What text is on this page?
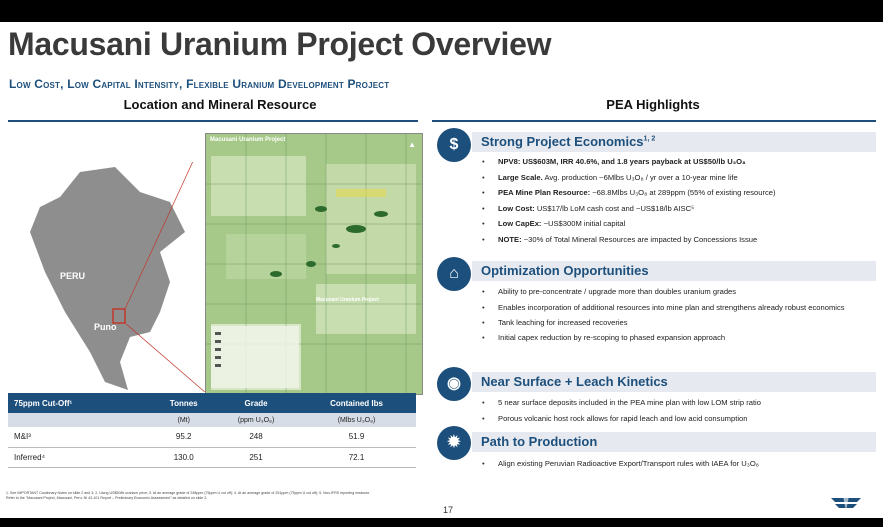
Macusani Uranium Project Overview
Low Cost, Low Capital Intensity, Flexible Uranium Development Project
Location and Mineral Resource	PEA Highlights
PERU
Puno
Macusani Uranium Project
Macusani Uranium Project
▲
75ppm Cut-Off¹	Tonnes	Grade	Contained lbs
	(Mt)	(ppm U₃O₈)	(Mlbs U₃O₈)
M&I³	95.2	248	51.9
Inferred⁴	130.0	251	72.1
$	Strong Project Economics$^{1, 2}$
• NPV8: US$603M, IRR 40.6%, and 1.8 years payback at US$50/lb U₃O₈
• Large Scale. Avg. production ~6Mlbs U₃O₈ / yr over a 10-year mine life
• PEA Mine Plan Resource: ~68.8Mlbs U₃O₈ at 289ppm (55% of existing resource)
• Low Cost: US$17/lb LoM cash cost and ~US$18/lb AISC⁵
• Low CapEx: ~US$300M initial capital
• NOTE: ~30% of Total Mineral Resources are impacted by Concessions Issue
⌂	Optimization Opportunities
• Ability to pre-concentrate / upgrade more than doubles uranium grades
• Enables incorporation of additional resources into mine plan and strengthens already robust economics
• Tank leaching for increased recoveries
• Initial capex reduction by re-scoping to phased expansion approach
◉	Near Surface + Leach Kinetics
• 5 near surface deposits included in the PEA mine plan with low LOM strip ratio
• Porous volcanic host rock allows for rapid leach and low acid consumption
✹	Path to Production
• Align existing Peruvian Radioactive Export/Transport rules with IAEA for U₃O₈
1. See IMPORTANT Cautionary Notes on slide 2 and 3; 2. Using US$50/lb uranium price; 3. At an average grade of 248ppm (75ppm U cut off); 4. At an average grade of 251ppm (75ppm U cut off); 5. Non-IFRS reporting measure.
Refer to the "Macusani Project, Macusani, Peru: NI 43-101 Report – Preliminary Economic Assessment" as detailed on slide 2.
17
